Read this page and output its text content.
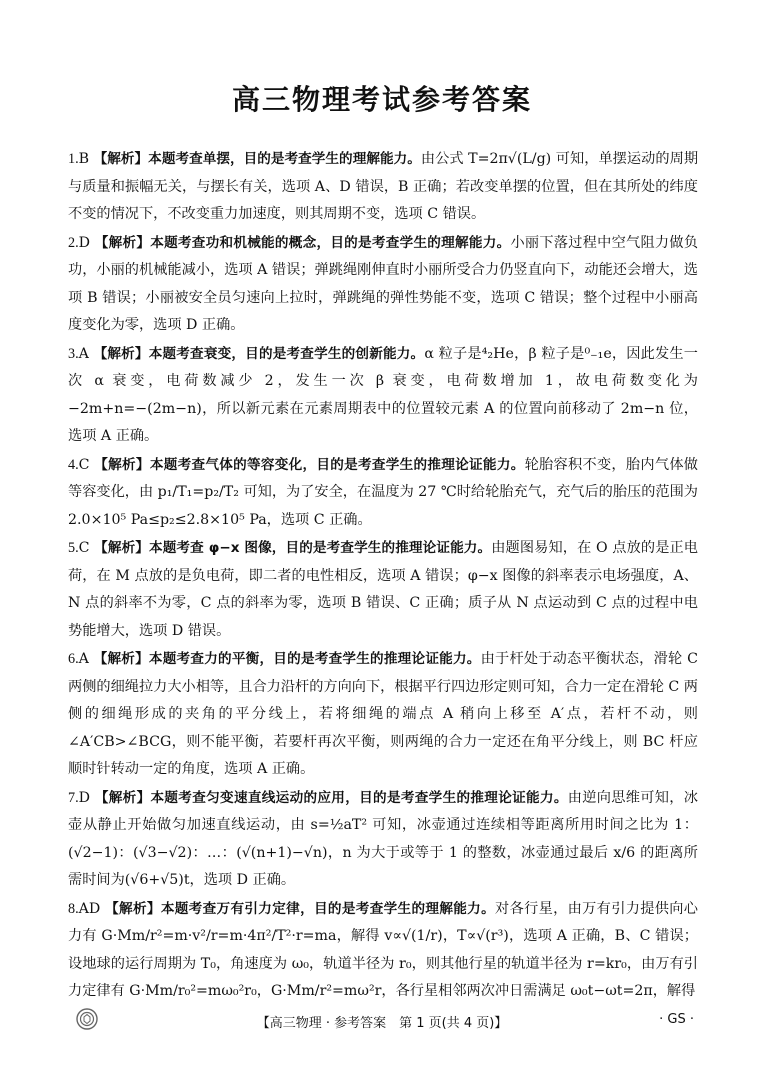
高三物理考试参考答案
1.B 【解析】本题考查单摆，目的是考查学生的理解能力。由公式 T=2π√(L/g) 可知，单摆运动的周期与质量和振幅无关，与摆长有关，选项 A、D 错误，B 正确；若改变单摆的位置，但在其所处的纬度不变的情况下，不改变重力加速度，则其周期不变，选项 C 错误。
2.D 【解析】本题考查功和机械能的概念，目的是考查学生的理解能力。小丽下落过程中空气阻力做负功，小丽的机械能减小，选项 A 错误；弹跳绳刚伸直时小丽所受合力仍竖直向下，动能还会增大，选项 B 错误；小丽被安全员匀速向上拉时，弹跳绳的弹性势能不变，选项 C 错误；整个过程中小丽高度变化为零，选项 D 正确。
3.A 【解析】本题考查衰变，目的是考查学生的创新能力。α 粒子是⁴₂He，β 粒子是⁰₋₁e，因此发生一次 α 衰变，电荷数减少 2，发生一次 β 衰变，电荷数增加 1，故电荷数变化为 −2m+n=−(2m−n)，所以新元素在元素周期表中的位置较元素 A 的位置向前移动了 2m−n 位，选项 A 正确。
4.C 【解析】本题考查气体的等容变化，目的是考查学生的推理论证能力。轮胎容积不变，胎内气体做等容变化，由 p₁/T₁=p₂/T₂ 可知，为了安全，在温度为 27 ℃时给轮胎充气，充气后的胎压的范围为 2.0×10⁵ Pa≤p₂≤2.8×10⁵ Pa，选项 C 正确。
5.C 【解析】本题考查 φ−x 图像，目的是考查学生的推理论证能力。由题图易知，在 O 点放的是正电荷，在 M 点放的是负电荷，即二者的电性相反，选项 A 错误；φ−x 图像的斜率表示电场强度，A、N 点的斜率不为零，C 点的斜率为零，选项 B 错误、C 正确；质子从 N 点运动到 C 点的过程中电势能增大，选项 D 错误。
6.A 【解析】本题考查力的平衡，目的是考查学生的推理论证能力。由于杆处于动态平衡状态，滑轮 C 两侧的细绳拉力大小相等，且合力沿杆的方向向下，根据平行四边形定则可知，合力一定在滑轮 C 两侧的细绳形成的夹角的平分线上，若将细绳的端点 A 稍向上移至 A′点，若杆不动，则∠A′CB>∠BCG，则不能平衡，若要杆再次平衡，则两绳的合力一定还在角平分线上，则 BC 杆应顺时针转动一定的角度，选项 A 正确。
7.D 【解析】本题考查匀变速直线运动的应用，目的是考查学生的推理论证能力。由逆向思维可知，冰壶从静止开始做匀加速直线运动，由 s=½aT² 可知，冰壶通过连续相等距离所用时间之比为 1：(√2−1)：(√3−√2)：…：(√(n+1)−√n)，n 为大于或等于 1 的整数，冰壶通过最后 x/6 的距离所需时间为(√6+√5)t，选项 D 正确。
8.AD 【解析】本题考查万有引力定律，目的是考查学生的理解能力。对各行星，由万有引力提供向心力有 G·Mm/r²=m·v²/r=m·4π²/T²·r=ma，解得 v∝√(1/r)，T∝√(r³)，选项 A 正确，B、C 错误；设地球的运行周期为 T₀，角速度为 ω₀，轨道半径为 r₀，则其他行星的轨道半径为 r=kr₀，由万有引力定律有 G·Mm/r₀²=mω₀²r₀，G·Mm/r²=mω²r，各行星相邻两次冲日需满足 ω₀t−ωt=2π，解得
【高三物理 · 参考答案　第 1 页(共 4 页)】	· GS ·
